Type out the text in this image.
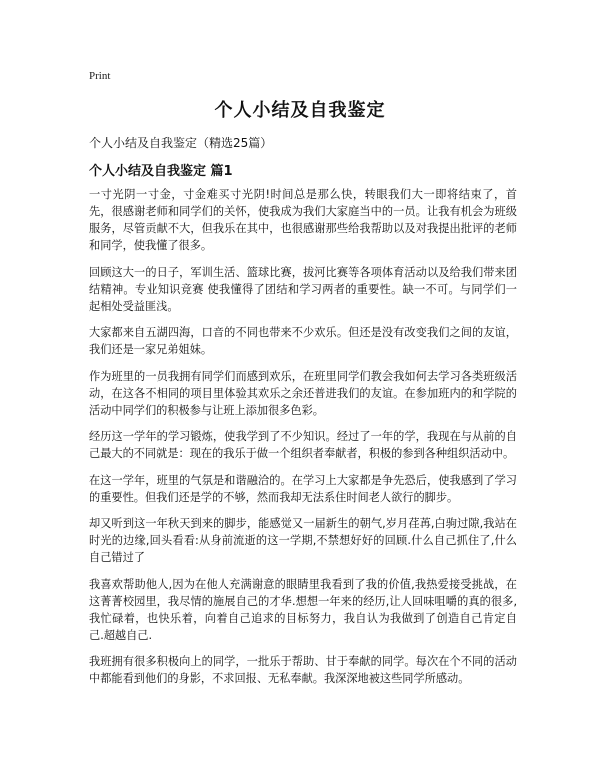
Print
个人小结及自我鉴定

个人小结及自我鉴定（精选25篇）

个人小结及自我鉴定 篇1

一寸光阴一寸金，寸金难买寸光阴!时间总是那么快，转眼我们大一即将结束了，首先，很感谢老师和同学们的关怀，使我成为我们大家庭当中的一员。让我有机会为班级服务，尽管贡献不大，但我乐在其中，也很感谢那些给我帮助以及对我提出批评的老师和同学，使我懂了很多。

回顾这大一的日子，军训生活、篮球比赛，拔河比赛等各项体育活动以及给我们带来团结精神。专业知识竞赛 使我懂得了团结和学习两者的重要性。缺一不可。与同学们一起相处受益匪浅。

大家都来自五湖四海，口音的不同也带来不少欢乐。但还是没有改变我们之间的友谊，我们还是一家兄弟姐妹。

作为班里的一员我拥有同学们而感到欢乐，在班里同学们教会我如何去学习各类班级活动，在这各不相同的项目里体验其欢乐之余还普进我们的友谊。在参加班内的和学院的活动中同学们的积极参与让班上添加很多色彩。

经历这一学年的学习锻炼，使我学到了不少知识。经过了一年的学，我现在与从前的自己最大的不同就是：现在的我乐于做一个组织者奉献者，积极的参到各种组织活动中。

在这一学年，班里的气氛是和谐融洽的。在学习上大家都是争先恐后，使我感到了学习的重要性。但我们还是学的不够，然而我却无法系住时间老人欲行的脚步。

却又听到这一年秋天到来的脚步，能感觉又一届新生的朝气,岁月荏苒,白驹过隙,我站在时光的边缘,回头看看:从身前流逝的这一学期,不禁想好好的回顾.什么自己抓住了,什么自己错过了

我喜欢帮助他人,因为在他人充满谢意的眼睛里我看到了我的价值,我热爱接受挑战，在这菁菁校园里，我尽情的施展自己的才华.想想一年来的经历,让人回味咀嚼的真的很多,我忙碌着，也快乐着，向着自己追求的目标努力，我自认为我做到了创造自己肯定自己.超越自己.

我班拥有很多积极向上的同学，一批乐于帮助、甘于奉献的同学。每次在个不同的活动中都能看到他们的身影，不求回报、无私奉献。我深深地被这些同学所感动。
